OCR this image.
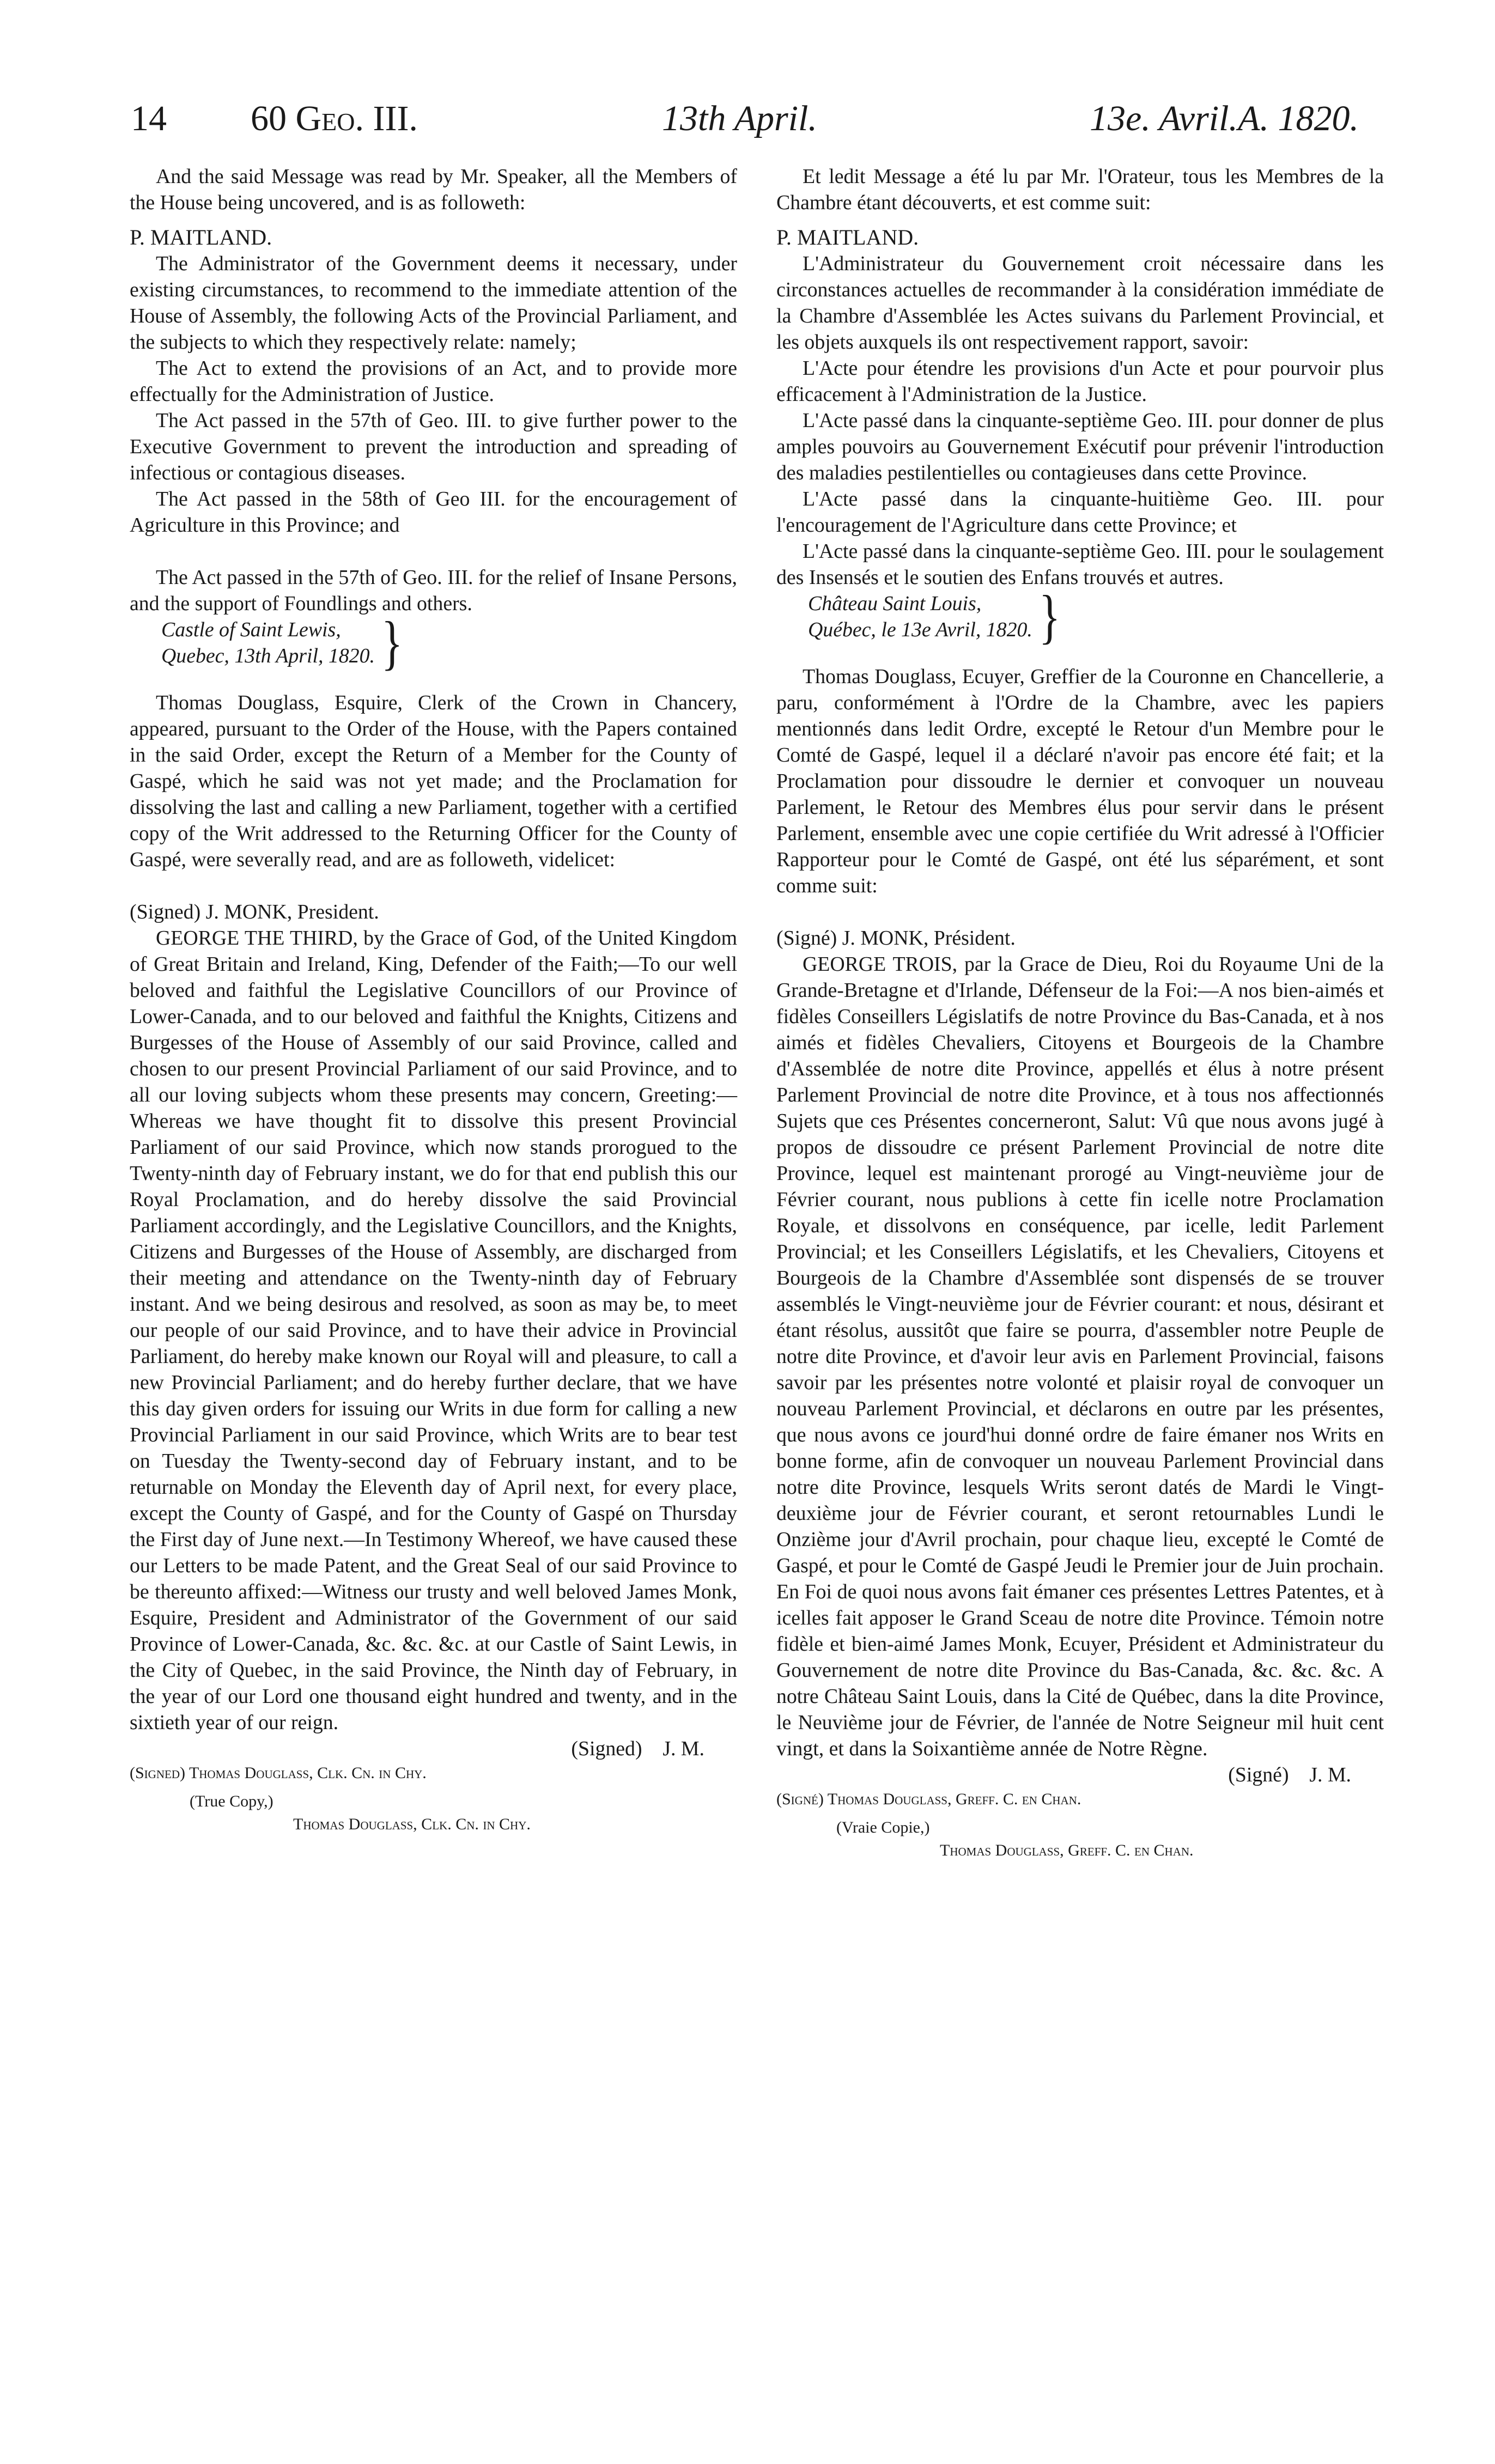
14 60 Geo. III.	13th April.	13e. Avril. A. 1820.

And the said Message was read by Mr. Speaker, all the Members of the House being uncovered, and is as followeth:

P. MAITLAND.

The Administrator of the Government deems it necessary, under existing circumstances, to recommend to the immediate attention of the House of Assembly, the following Acts of the Provincial Parliament, and the subjects to which they respectively relate: namely;

The Act to extend the provisions of an Act, and to provide more effectually for the Administration of Justice.

The Act passed in the 57th of Geo. III. to give further power to the Executive Government to prevent the introduction and spreading of infectious or contagious diseases.

The Act passed in the 58th of Geo III. for the encouragement of Agriculture in this Province; and

The Act passed in the 57th of Geo. III. for the relief of Insane Persons, and the support of Foundlings and others.

Castle of Saint Lewis,
Quebec, 13th April, 1820. }

Thomas Douglass, Esquire, Clerk of the Crown in Chancery, appeared, pursuant to the Order of the House, with the Papers contained in the said Order, except the Return of a Member for the County of Gaspé, which he said was not yet made; and the Proclamation for dissolving the last and calling a new Parliament, together with a certified copy of the Writ addressed to the Returning Officer for the County of Gaspé, were severally read, and are as followeth, videlicet:

(Signed) J. MONK, President.

GEORGE THE THIRD, by the Grace of God, of the United Kingdom of Great Britain and Ireland, King, Defender of the Faith;—To our well beloved and faithful the Legislative Councillors of our Province of Lower-Canada, and to our beloved and faithful the Knights, Citizens and Burgesses of the House of Assembly of our said Province, called and chosen to our present Provincial Parliament of our said Province, and to all our loving subjects whom these presents may concern, Greeting:—Whereas we have thought fit to dissolve this present Provincial Parliament of our said Province, which now stands prorogued to the Twenty-ninth day of February instant, we do for that end publish this our Royal Proclamation, and do hereby dissolve the said Provincial Parliament accordingly, and the Legislative Councillors, and the Knights, Citizens and Burgesses of the House of Assembly, are discharged from their meeting and attendance on the Twenty-ninth day of February instant. And we being desirous and resolved, as soon as may be, to meet our people of our said Province, and to have their advice in Provincial Parliament, do hereby make known our Royal will and pleasure, to call a new Provincial Parliament; and do hereby further declare, that we have this day given orders for issuing our Writs in due form for calling a new Provincial Parliament in our said Province, which Writs are to bear test on Tuesday the Twenty-second day of February instant, and to be returnable on Monday the Eleventh day of April next, for every place, except the County of Gaspé, and for the County of Gaspé on Thursday the First day of June next.—In Testimony Whereof, we have caused these our Letters to be made Patent, and the Great Seal of our said Province to be thereunto affixed:—Witness our trusty and well beloved James Monk, Esquire, President and Administrator of the Government of our said Province of Lower-Canada, &c. &c. &c. at our Castle of Saint Lewis, in the City of Quebec, in the said Province, the Ninth day of February, in the year of our Lord one thousand eight hundred and twenty, and in the sixtieth year of our reign.

(Signed)    J. M.
(Signed) Thomas Douglass, Clk. Cn. in Chy.
(True Copy,)
Thomas Douglass, Clk. Cn. in Chy.

Et ledit Message a été lu par Mr. l'Orateur, tous les Membres de la Chambre étant découverts, et est comme suit:

P. MAITLAND.

L'Administrateur du Gouvernement croit nécessaire dans les circonstances actuelles de recommander à la considération immédiate de la Chambre d'Assemblée les Actes suivans du Parlement Provincial, et les objets auxquels ils ont respectivement rapport, savoir:

L'Acte pour étendre les provisions d'un Acte et pour pourvoir plus efficacement à l'Administration de la Justice.

L'Acte passé dans la cinquante-septième Geo. III. pour donner de plus amples pouvoirs au Gouvernement Exécutif pour prévenir l'introduction des maladies pestilentielles ou contagieuses dans cette Province.

L'Acte passé dans la cinquante-huitième Geo. III. pour l'encouragement de l'Agriculture dans cette Province; et

L'Acte passé dans la cinquante-septième Geo. III. pour le soulagement des Insensés et le soutien des Enfans trouvés et autres.

Château Saint Louis,
Québec, le 13e Avril, 1820. }

Thomas Douglass, Ecuyer, Greffier de la Couronne en Chancellerie, a paru, conformément à l'Ordre de la Chambre, avec les papiers mentionnés dans ledit Ordre, excepté le Retour d'un Membre pour le Comté de Gaspé, lequel il a déclaré n'avoir pas encore été fait; et la Proclamation pour dissoudre le dernier et convoquer un nouveau Parlement, le Retour des Membres élus pour servir dans le présent Parlement, ensemble avec une copie certifiée du Writ adressé à l'Officier Rapporteur pour le Comté de Gaspé, ont été lus séparément, et sont comme suit:

(Signé) J. MONK, Président.

GEORGE TROIS, par la Grace de Dieu, Roi du Royaume Uni de la Grande-Bretagne et d'Irlande, Défenseur de la Foi:—A nos bien-aimés et fidèles Conseillers Législatifs de notre Province du Bas-Canada, et à nos aimés et fidèles Chevaliers, Citoyens et Bourgeois de la Chambre d'Assemblée de notre dite Province, appellés et élus à notre présent Parlement Provincial de notre dite Province, et à tous nos affectionnés Sujets que ces Présentes concerneront, Salut: Vû que nous avons jugé à propos de dissoudre ce présent Parlement Provincial de notre dite Province, lequel est maintenant prorogé au Vingt-neuvième jour de Février courant, nous publions à cette fin icelle notre Proclamation Royale, et dissolvons en conséquence, par icelle, ledit Parlement Provincial; et les Conseillers Législatifs, et les Chevaliers, Citoyens et Bourgeois de la Chambre d'Assemblée sont dispensés de se trouver assemblés le Vingt-neuvième jour de Février courant: et nous, désirant et étant résolus, aussitôt que faire se pourra, d'assembler notre Peuple de notre dite Province, et d'avoir leur avis en Parlement Provincial, faisons savoir par les présentes notre volonté et plaisir royal de convoquer un nouveau Parlement Provincial, et déclarons en outre par les présentes, que nous avons ce jourd'hui donné ordre de faire émaner nos Writs en bonne forme, afin de convoquer un nouveau Parlement Provincial dans notre dite Province, lesquels Writs seront datés de Mardi le Vingt-deuxième jour de Février courant, et seront retournables Lundi le Onzième jour d'Avril prochain, pour chaque lieu, excepté le Comté de Gaspé, et pour le Comté de Gaspé Jeudi le Premier jour de Juin prochain. En Foi de quoi nous avons fait émaner ces présentes Lettres Patentes, et à icelles fait apposer le Grand Sceau de notre dite Province. Témoin notre fidèle et bien-aimé James Monk, Ecuyer, Président et Administrateur du Gouvernement de notre dite Province du Bas-Canada, &c. &c. &c. A notre Château Saint Louis, dans la Cité de Québec, dans la dite Province, le Neuvième jour de Février, de l'année de Notre Seigneur mil huit cent vingt, et dans la Soixantième année de Notre Règne.

(Signé)    J. M.
(Signé) Thomas Douglass, Greff. C. en Chan.
(Vraie Copie,)
Thomas Douglass, Greff. C. en Chan.
